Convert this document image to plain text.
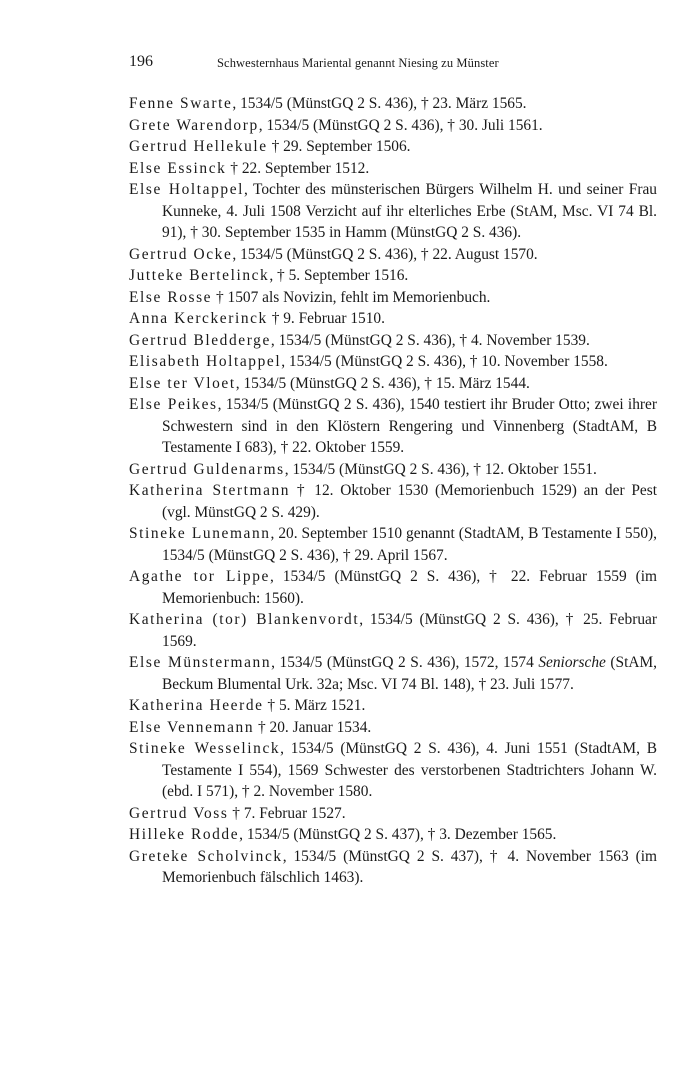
196	Schwesternhaus Mariental genannt Niesing zu Münster
Fenne Swarte, 1534/5 (MünstGQ 2 S. 436), † 23. März 1565.
Grete Warendorp, 1534/5 (MünstGQ 2 S. 436), † 30. Juli 1561.
Gertrud Hellekule † 29. September 1506.
Else Essinck † 22. September 1512.
Else Holtappel, Tochter des münsterischen Bürgers Wilhelm H. und seiner Frau Kunneke, 4. Juli 1508 Verzicht auf ihr elterliches Erbe (StAM, Msc. VI 74 Bl. 91), † 30. September 1535 in Hamm (MünstGQ 2 S. 436).
Gertrud Ocke, 1534/5 (MünstGQ 2 S. 436), † 22. August 1570.
Jutteke Bertelinck, † 5. September 1516.
Else Rosse † 1507 als Novizin, fehlt im Memorienbuch.
Anna Kerckerinck † 9. Februar 1510.
Gertrud Bledderge, 1534/5 (MünstGQ 2 S. 436), † 4. November 1539.
Elisabeth Holtappel, 1534/5 (MünstGQ 2 S. 436), † 10. November 1558.
Else ter Vloet, 1534/5 (MünstGQ 2 S. 436), † 15. März 1544.
Else Peikes, 1534/5 (MünstGQ 2 S. 436), 1540 testiert ihr Bruder Otto; zwei ihrer Schwestern sind in den Klöstern Rengering und Vinnenberg (StadtAM, B Testamente I 683), † 22. Oktober 1559.
Gertrud Guldenarms, 1534/5 (MünstGQ 2 S. 436), † 12. Oktober 1551.
Katherina Stertmann † 12. Oktober 1530 (Memorienbuch 1529) an der Pest (vgl. MünstGQ 2 S. 429).
Stineke Lunemann, 20. September 1510 genannt (StadtAM, B Testamente I 550), 1534/5 (MünstGQ 2 S. 436), † 29. April 1567.
Agathe tor Lippe, 1534/5 (MünstGQ 2 S. 436), † 22. Februar 1559 (im Memorienbuch: 1560).
Katherina (tor) Blankenvordt, 1534/5 (MünstGQ 2 S. 436), † 25. Februar 1569.
Else Münstermann, 1534/5 (MünstGQ 2 S. 436), 1572, 1574 Seniorsche (StAM, Beckum Blumental Urk. 32a; Msc. VI 74 Bl. 148), † 23. Juli 1577.
Katherina Heerde † 5. März 1521.
Else Vennemann † 20. Januar 1534.
Stineke Wesselinck, 1534/5 (MünstGQ 2 S. 436), 4. Juni 1551 (StadtAM, B Testamente I 554), 1569 Schwester des verstorbenen Stadtrichters Johann W. (ebd. I 571), † 2. November 1580.
Gertrud Voss † 7. Februar 1527.
Hilleke Rodde, 1534/5 (MünstGQ 2 S. 437), † 3. Dezember 1565.
Greteke Scholvinck, 1534/5 (MünstGQ 2 S. 437), † 4. November 1563 (im Memorienbuch fälschlich 1463).
